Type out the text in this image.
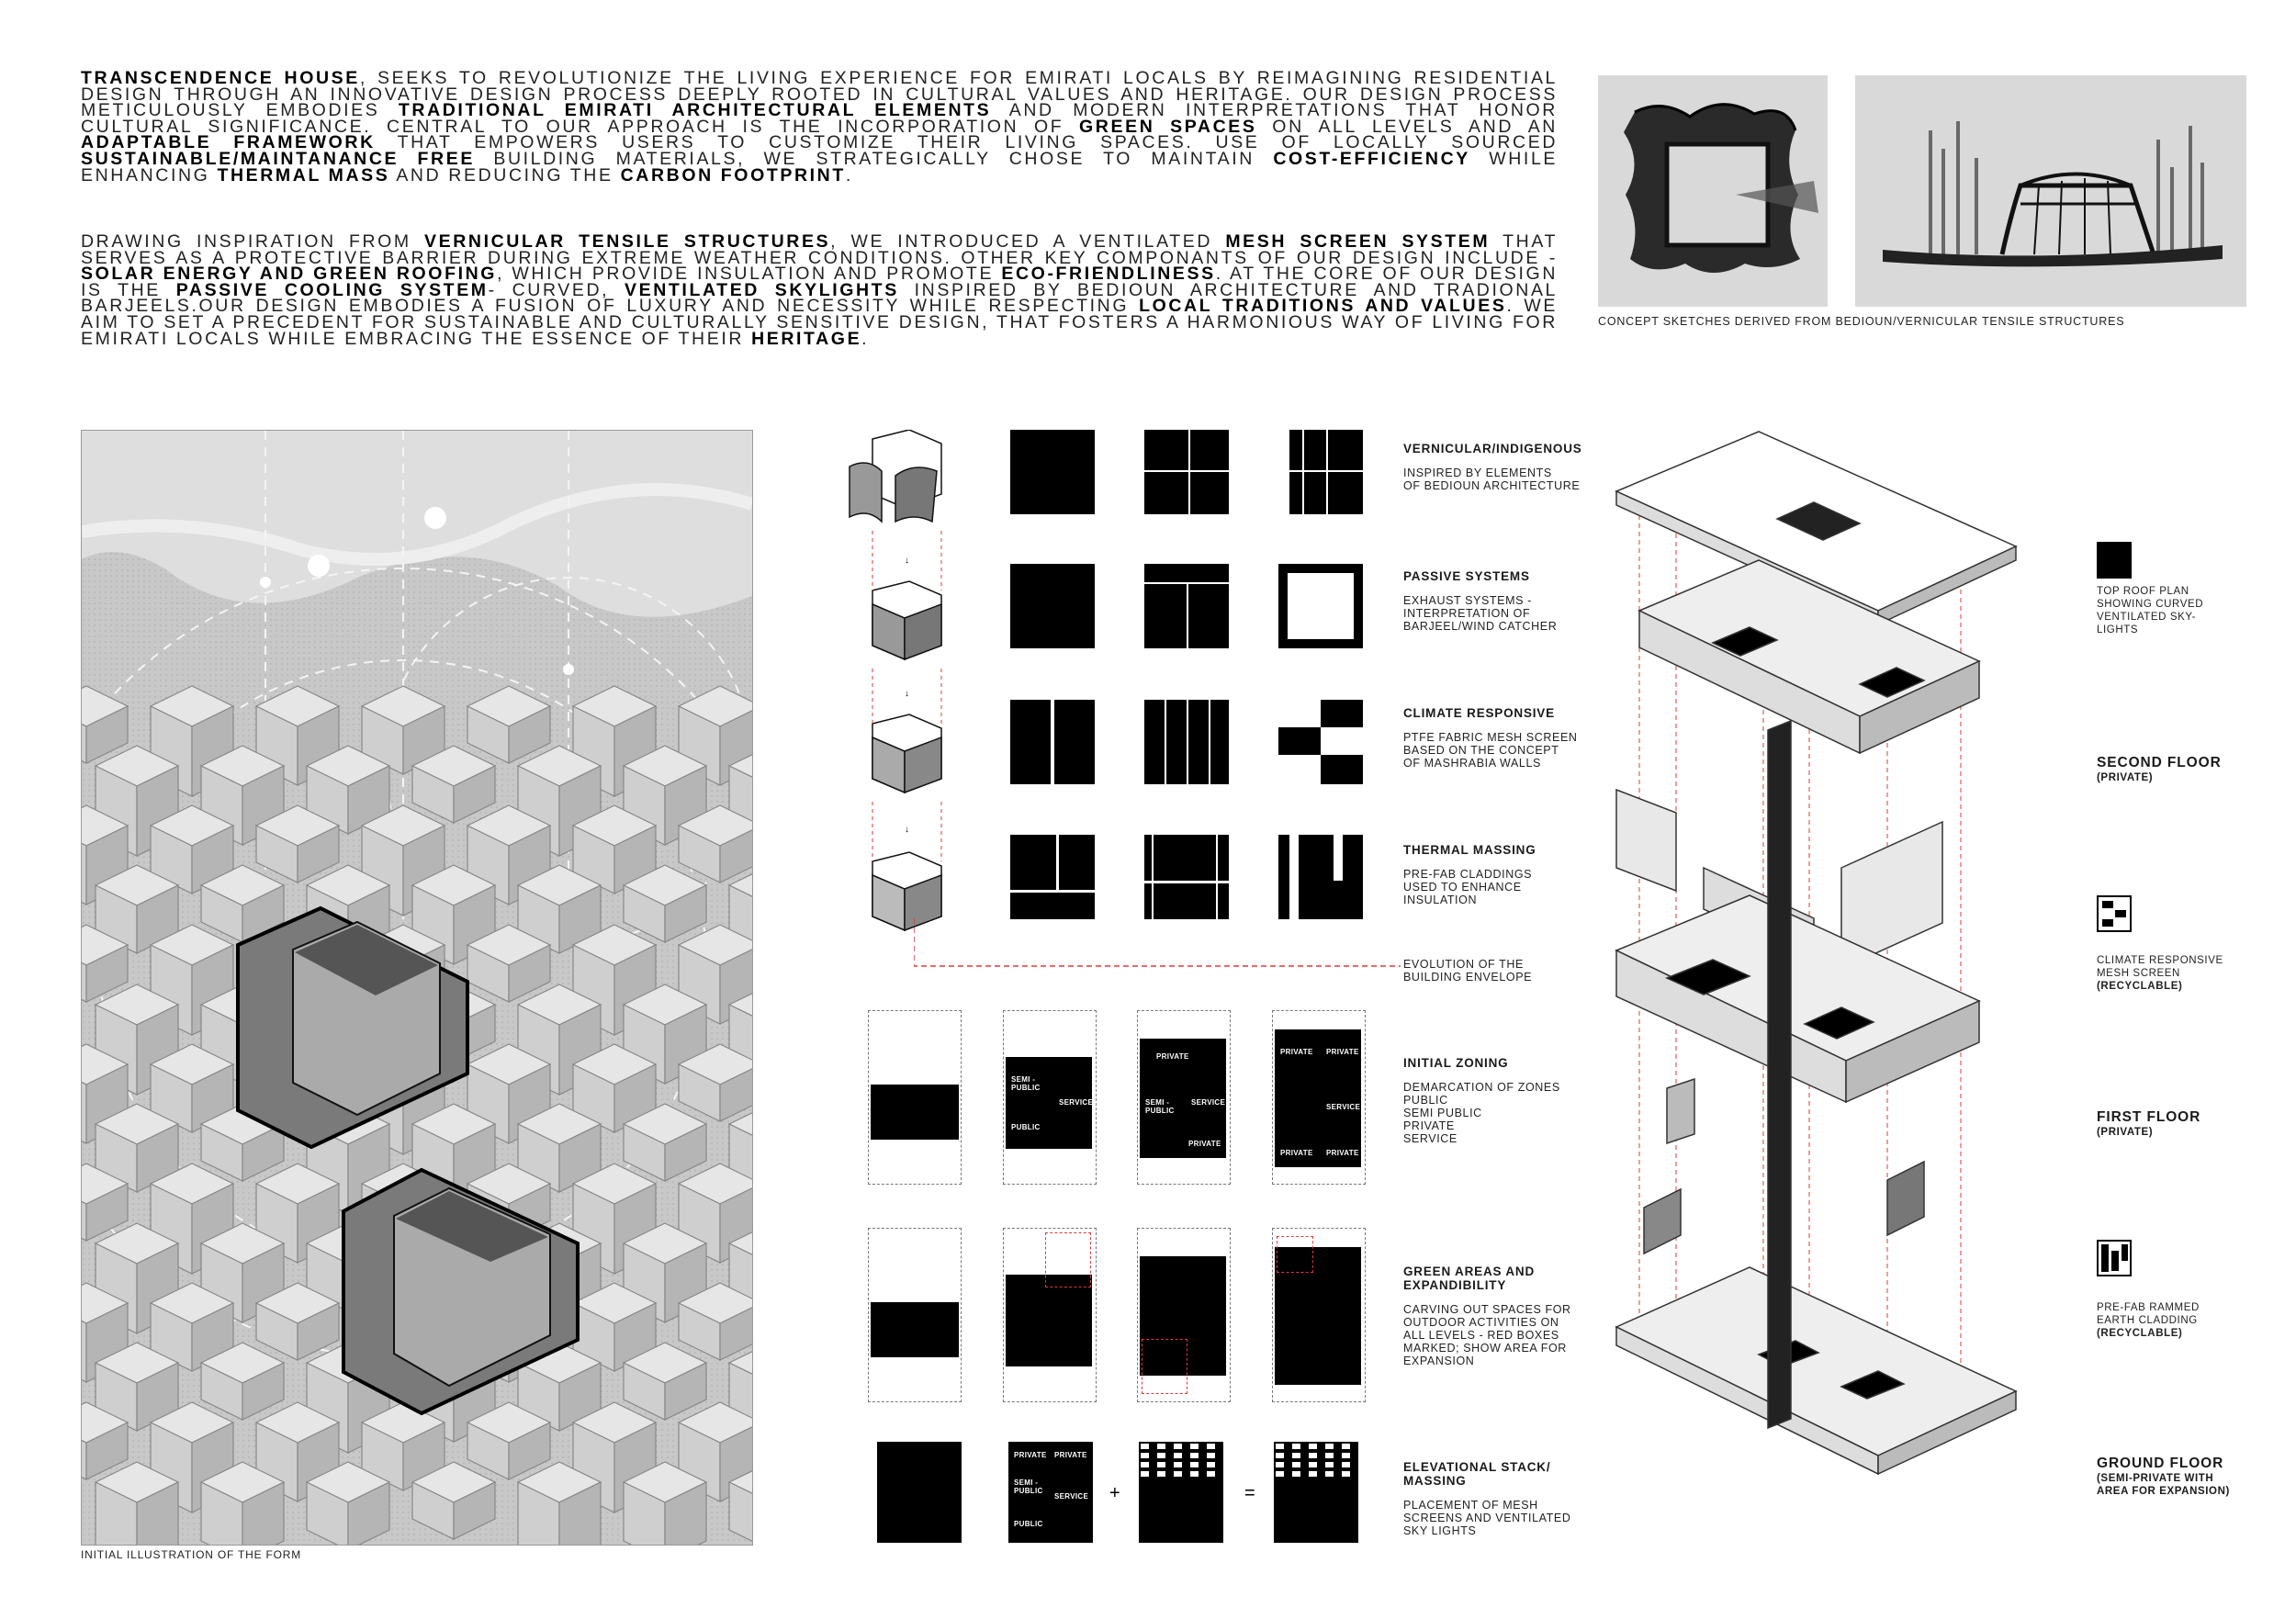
TRANSCENDENCE HOUSE, SEEKS TO REVOLUTIONIZE THE LIVING EXPERIENCE FOR EMIRATI LOCALS BY REIMAGINING RESIDENTIAL DESIGN THROUGH AN INNOVATIVE DESIGN PROCESS DEEPLY ROOTED IN CULTURAL VALUES AND HERITAGE. OUR DESIGN PROCESS METICULOUSLY EMBODIES TRADITIONAL EMIRATI ARCHITECTURAL ELEMENTS AND MODERN INTERPRETATIONS THAT HONOR CULTURAL SIGNIFICANCE. CENTRAL TO OUR APPROACH IS THE INCORPORATION OF GREEN SPACES ON ALL LEVELS AND AN ADAPTABLE FRAMEWORK THAT EMPOWERS USERS TO CUSTOMIZE THEIR LIVING SPACES. USE OF LOCALLY SOURCED SUSTAINABLE/MAINTANANCE FREE BUILDING MATERIALS, WE STRATEGICALLY CHOSE TO MAINTAIN COST-EFFICIENCY WHILE ENHANCING THERMAL MASS AND REDUCING THE CARBON FOOTPRINT.
DRAWING INSPIRATION FROM VERNICULAR TENSILE STRUCTURES, WE INTRODUCED A VENTILATED MESH SCREEN SYSTEM THAT SERVES AS A PROTECTIVE BARRIER DURING EXTREME WEATHER CONDITIONS. OTHER KEY COMPONANTS OF OUR DESIGN INCLUDE - SOLAR ENERGY AND GREEN ROOFING, WHICH PROVIDE INSULATION AND PROMOTE ECO-FRIENDLINESS. AT THE CORE OF OUR DESIGN IS THE PASSIVE COOLING SYSTEM- CURVED, VENTILATED SKYLIGHTS INSPIRED BY BEDIOUN ARCHITECTURE AND TRADIONAL BARJEELS.OUR DESIGN EMBODIES A FUSION OF LUXURY AND NECESSITY WHILE RESPECTING LOCAL TRADITIONS AND VALUES. WE AIM TO SET A PRECEDENT FOR SUSTAINABLE AND CULTURALLY SENSITIVE DESIGN, THAT FOSTERS A HARMONIOUS WAY OF LIVING FOR EMIRATI LOCALS WHILE EMBRACING THE ESSENCE OF THEIR HERITAGE.
CONCEPT SKETCHES DERIVED FROM BEDIOUN/VERNICULAR TENSILE STRUCTURES
INITIAL ILLUSTRATION OF THE FORM
↓
↓
↓
VERNICULAR/INDIGENOUS
INSPIRED BY ELEMENTS
OF BEDIOUN ARCHITECTURE
PASSIVE SYSTEMS
EXHAUST SYSTEMS -
INTERPRETATION OF
BARJEEL/WIND CATCHER
CLIMATE RESPONSIVE
PTFE FABRIC MESH SCREEN
BASED ON THE CONCEPT
OF MASHRABIA WALLS
THERMAL MASSING
PRE-FAB CLADDINGS
USED TO ENHANCE
INSULATION
EVOLUTION OF THE
BUILDING ENVELOPE
SEMI -
PUBLIC
PUBLIC
SERVICE
PRIVATE
SEMI -
PUBLIC
SERVICE
PRIVATE
PRIVATE PRIVATE
SERVICE
PRIVATE PRIVATE
PRIVATE PRIVATE
SEMI -
PUBLIC
SERVICE
PUBLIC
INITIAL ZONING
DEMARCATION OF ZONES
PUBLIC
SEMI PUBLIC
PRIVATE
SERVICE
GREEN AREAS AND
EXPANDIBILITY
CARVING OUT SPACES FOR
OUTDOOR ACTIVITIES ON
ALL LEVELS - RED BOXES
MARKED; SHOW AREA FOR
EXPANSION
ELEVATIONAL STACK/
MASSING
PLACEMENT OF MESH
SCREENS AND VENTILATED
SKY LIGHTS
+	=
TOP ROOF PLAN
SHOWING CURVED
VENTILATED SKY-
LIGHTS
SECOND FLOOR
(PRIVATE)

CLIMATE RESPONSIVE
MESH SCREEN
(RECYCLABLE)

FIRST FLOOR
(PRIVATE)

PRE-FAB RAMMED
EARTH CLADDING
(RECYCLABLE)

GROUND FLOOR
(SEMI-PRIVATE WITH
AREA FOR EXPANSION)
